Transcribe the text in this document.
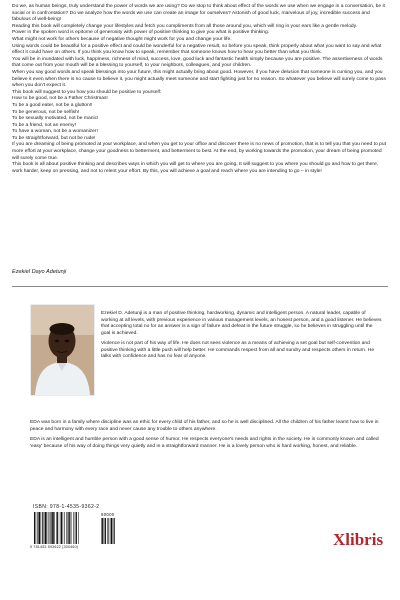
Do we, as human beings, truly understand the power of words we are using? Do we stop to think about effect of the words we use when we engage in a conversation, be it social or in confrontation? Do we analyze how the words we use can create an image for ourselves? Astonish of good luck, marvelous of joy, incredible success and fabulous of well-being!

Reading this book will completely change your lifestyles and fetch you compliments from all those around you, which will ring in your ears like a gentle melody.

Power in the spoken word is epitome of generosity with power of positive thinking to give you what is positive thinking.

What might not work for others because of negative thought might work for you and change your life.

Using words could be beautiful for a positive effect and could be wonderful for a negative result, so before you speak, think properly about what you want to say and what effect it could have on others. If you think you know how to speak, remember that someone knows how to hear you better than what you think.

You will be in inundated with luck, happiness, richness of mind, success, love, good luck and fantastic health simply because you are positive. The assertiveness of words that come out from your mouth will be a blessing to yourself, to your neighbors, colleagues, and your children.

When you say good words and speak blessings into your future, this might actually bring about good. However, if you have delusion that someone is cursing you, and you believe it even when there is no cause to believe it, you might actually meet someone and start fighting just for no reason. So whatever you believe will surely come to pass when you don't expect it.

This book will suggest to you how you should be positive to yourself:

How to be good, not be a Father Christmas!

To be a good eater, not be a glutton!!

To be generous, not be selfish!

To be sexually motivated, not be manic!

To be a friend, not an enemy!

To have a woman, not be a womanizer!

To be straightforward, but not be rude!

If you are dreaming of being promoted at your workplace, and when you get to your office and discover there is no news of promotion, that is to tell you that you need to put more effort at your workplace, change your goodness to betterment, and betterment to best. At the end, by working towards the promotion, your dream of being promoted will surely come true.

This book is all about positive thinking and describes ways in which you will get to where you are going. It will suggest to you where you should go and how to get there, work harder, keep on pressing, and not to relent your effort. By this, you will achieve a goal and reach where you are intending to go – in style!

Ezekiel Dayo Adetunji

Ezekiel D. Adetunji is a man of positive thinking, hardworking, dynamic and intelligent person. A natural leader, capable of working at all levels, with previous experience in various management levels, an honest person, and a good listener. He believes that accepting total no for an answer is a sign of failure and defeat in the future struggle, so he believes in struggling until the goal is achieved.

Violence is not part of his way of life. He does not sees violence as a means of achieving a set goal but self-convention and positive thinking with a little push will help better. He commands respect from all and sundry and respects others in return. He talks with confidence and has no fear of anyone.

EDA was born in a family where discipline was an ethic for every child of his father, and so he is well disciplined. All the children of his father learnt how to live in peace and harmony with every race and never cause any trouble to others anywhere.

EDA is an intelligent and humble person with a good sense of humor. He respects everyone's needs and rights in the society. He is commonly known and called 'easy' because of his way of doing things very quietly and in a straightforward manner. He is a lovely person who is hard working, honest, and reliable.

ISBN: 978-1-4535-9362-2
90000
9 781453 593622 (300460)	Xlibris
